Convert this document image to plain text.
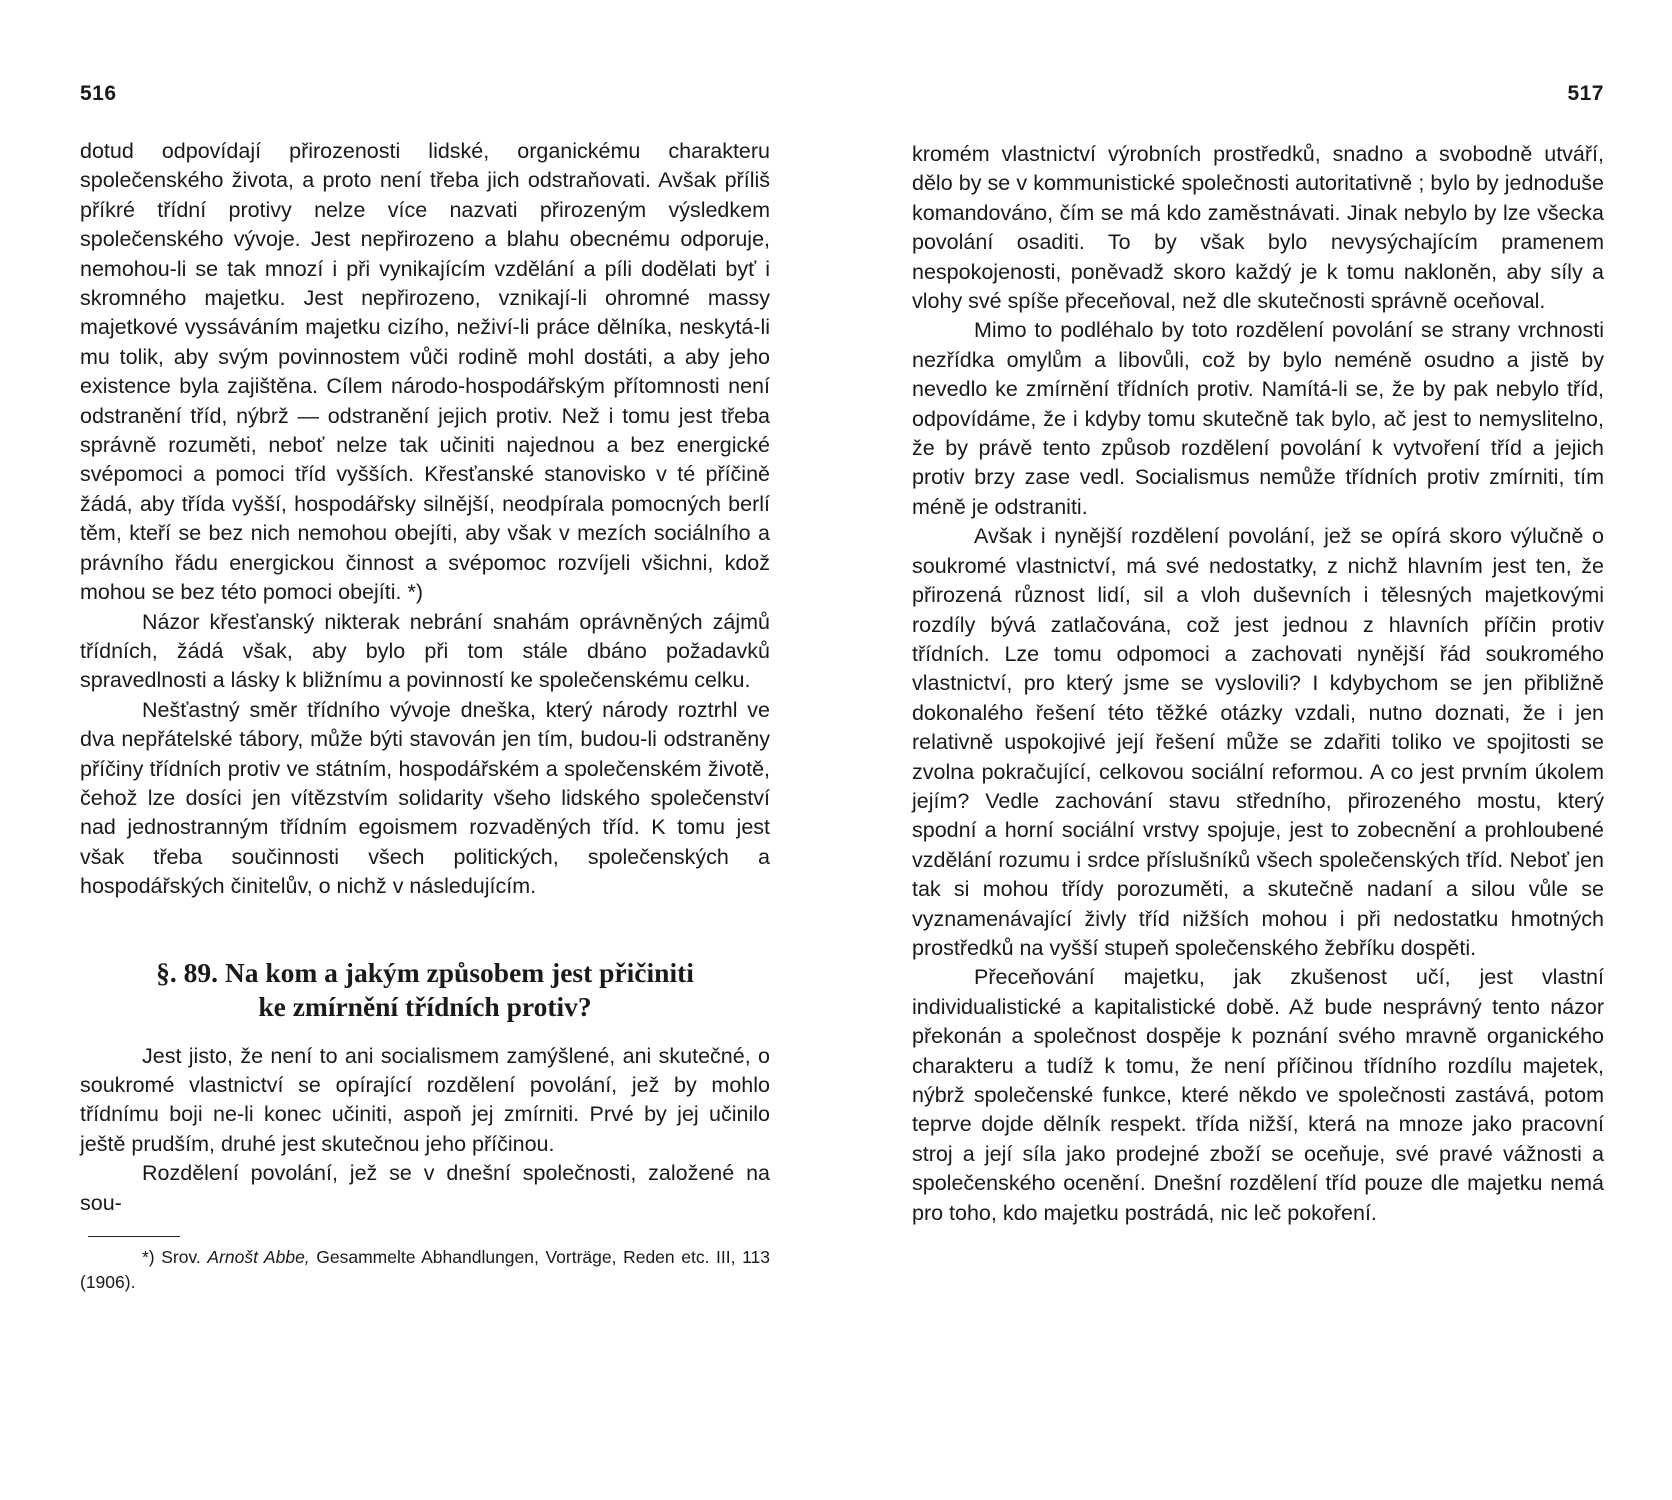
516

dotud odpovídají přirozenosti lidské, organickému charakteru společenského života, a proto není třeba jich odstraňovati. Avšak příliš příkré třídní protivy nelze více nazvati přirozeným výsledkem společenského vývoje. Jest nepřirozeno a blahu obecnému odporuje, nemohou-li se tak mnozí i při vynikajícím vzdělání a píli dodělati byť i skromného majetku. Jest nepřirozeno, vznikají-li ohromné massy majetkové vyssáváním majetku cizího, neživí-li práce dělníka, neskytá-li mu tolik, aby svým povinnostem vůči rodině mohl dostáti, a aby jeho existence byla zajištěna. Cílem národo-hospodářským přítomnosti není odstranění tříd, nýbrž — odstranění jejich protiv. Než i tomu jest třeba správně rozuměti, neboť nelze tak učiniti najednou a bez energické svépomoci a pomoci tříd vyšších. Křesťanské stanovisko v té příčině žádá, aby třída vyšší, hospodářsky silnější, neodpírala pomocných berlí těm, kteří se bez nich nemohou obejíti, aby však v mezích sociálního a právního řádu energickou činnost a svépomoc rozvíjeli všichni, kdož mohou se bez této pomoci obejíti. *)

Názor křesťanský nikterak nebrání snahám oprávněných zájmů třídních, žádá však, aby bylo při tom stále dbáno požadavků spravedlnosti a lásky k bližnímu a povinností ke společenskému celku.

Nešťastný směr třídního vývoje dneška, který národy roztrhl ve dva nepřátelské tábory, může býti stavován jen tím, budou-li odstraněny příčiny třídních protiv ve státním, hospodářském a společenském životě, čehož lze dosíci jen vítězstvím solidarity všeho lidského společenství nad jednostranným třídním egoismem rozvaděných tříd. K tomu jest však třeba součinnosti všech politických, společenských a hospodářských činitelův, o nichž v následujícím.

§. 89. Na kom a jakým způsobem jest přičiniti
ke zmírnění třídních protiv?

Jest jisto, že není to ani socialismem zamýšlené, ani skutečné, o soukromé vlastnictví se opírající rozdělení povolání, jež by mohlo třídnímu boji ne-li konec učiniti, aspoň jej zmírniti. Prvé by jej učinilo ještě prudším, druhé jest skutečnou jeho příčinou.

Rozdělení povolání, jež se v dnešní společnosti, založené na sou-

*) Srov. Arnošt Abbe, Gesammelte Abhandlungen, Vorträge, Reden etc. III, 113 (1906).

517

kromém vlastnictví výrobních prostředků, snadno a svobodně utváří, dělo by se v kommunistické společnosti autoritativně ; bylo by jednoduše komandováno, čím se má kdo zaměstnávati. Jinak nebylo by lze všecka povolání osaditi. To by však bylo nevysýchajícím pramenem nespokojenosti, poněvadž skoro každý je k tomu nakloněn, aby síly a vlohy své spíše přeceňoval, než dle skutečnosti správně oceňoval.

Mimo to podléhalo by toto rozdělení povolání se strany vrchnosti nezřídka omylům a libovůli, což by bylo neméně osudno a jistě by nevedlo ke zmírnění třídních protiv. Namítá-li se, že by pak nebylo tříd, odpovídáme, že i kdyby tomu skutečně tak bylo, ač jest to nemyslitelno, že by právě tento způsob rozdělení povolání k vytvoření tříd a jejich protiv brzy zase vedl. Socialismus nemůže třídních protiv zmírniti, tím méně je odstraniti.

Avšak i nynější rozdělení povolání, jež se opírá skoro výlučně o soukromé vlastnictví, má své nedostatky, z nichž hlavním jest ten, že přirozená různost lidí, sil a vloh duševních i tělesných majetkovými rozdíly bývá zatlačována, což jest jednou z hlavních příčin protiv třídních. Lze tomu odpomoci a zachovati nynější řád soukromého vlastnictví, pro který jsme se vyslovili? I kdybychom se jen přibližně dokonalého řešení této těžké otázky vzdali, nutno doznati, že i jen relativně uspokojivé její řešení může se zdařiti toliko ve spojitosti se zvolna pokračující, celkovou sociální reformou. A co jest prvním úkolem jejím? Vedle zachování stavu středního, přirozeného mostu, který spodní a horní sociální vrstvy spojuje, jest to zobecnění a prohloubené vzdělání rozumu i srdce příslušníků všech společenských tříd. Neboť jen tak si mohou třídy porozuměti, a skutečně nadaní a silou vůle se vyznamenávající živly tříd nižších mohou i při nedostatku hmotných prostředků na vyšší stupeň společenského žebříku dospěti.

Přeceňování majetku, jak zkušenost učí, jest vlastní individualistické a kapitalistické době. Až bude nesprávný tento názor překonán a společnost dospěje k poznání svého mravně organického charakteru a tudíž k tomu, že není příčinou třídního rozdílu majetek, nýbrž společenské funkce, které někdo ve společnosti zastává, potom teprve dojde dělník respekt. třída nižší, která na mnoze jako pracovní stroj a její síla jako prodejné zboží se oceňuje, své pravé vážnosti a společenského ocenění. Dnešní rozdělení tříd pouze dle majetku nemá pro toho, kdo majetku postrádá, nic leč pokoření.
